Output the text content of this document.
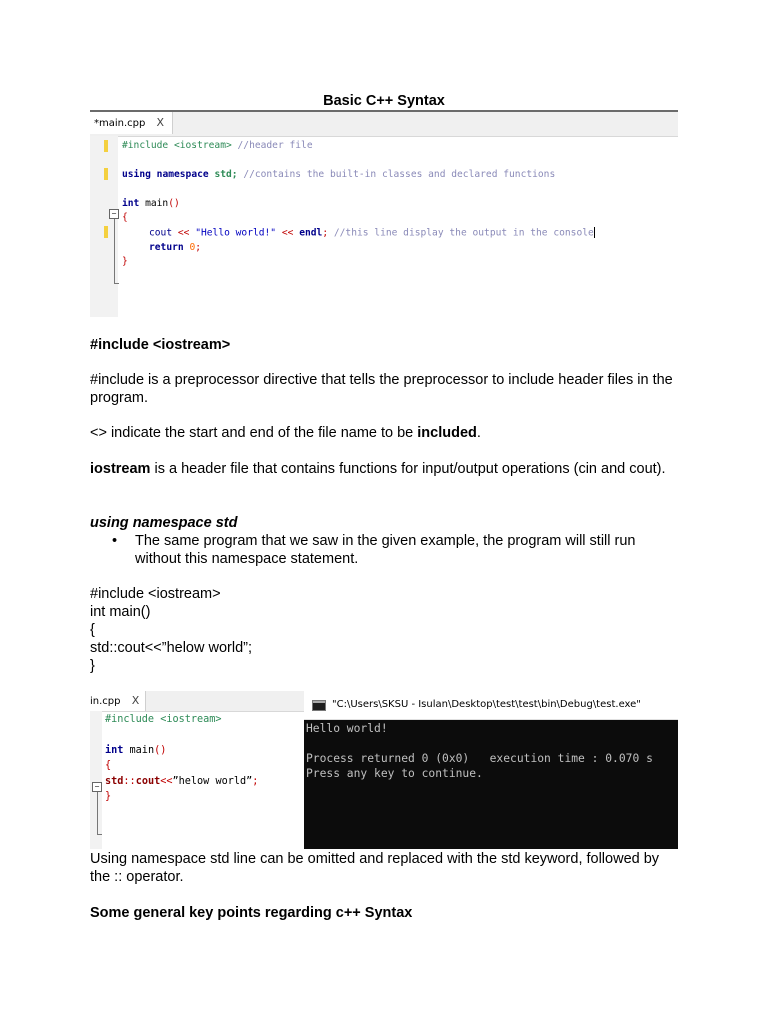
Basic C++ Syntax
*main.cpp X
−

#include <iostream> //header file

using namespace std; //contains the built-in classes and declared functions

int main()

{

cout << "Hello world!" << endl; //this line display the output in the console

return 0;

}

#include <iostream>
#include is a preprocessor directive that tells the preprocessor to include header files in the program.
<> indicate the start and end of the file name to be included.
iostream is a header file that contains functions for input/output operations (cin and cout).
using namespace std
• The same program that we saw in the given example, the program will still run without this namespace statement.
#include <iostream>
int main()
{
std::cout<<”helow world”;
}
in.cpp X
−

#include <iostream>

int main()

{

std::cout<<”helow world”;

}

"C:\Users\SKSU - Isulan\Desktop\test\test\bin\Debug\test.exe"

Hello world!

Process returned 0 (0x0)   execution time : 0.070 s

Press any key to continue.

Using namespace std line can be omitted and replaced with the std keyword, followed by the :: operator.
Some general key points regarding c++ Syntax
